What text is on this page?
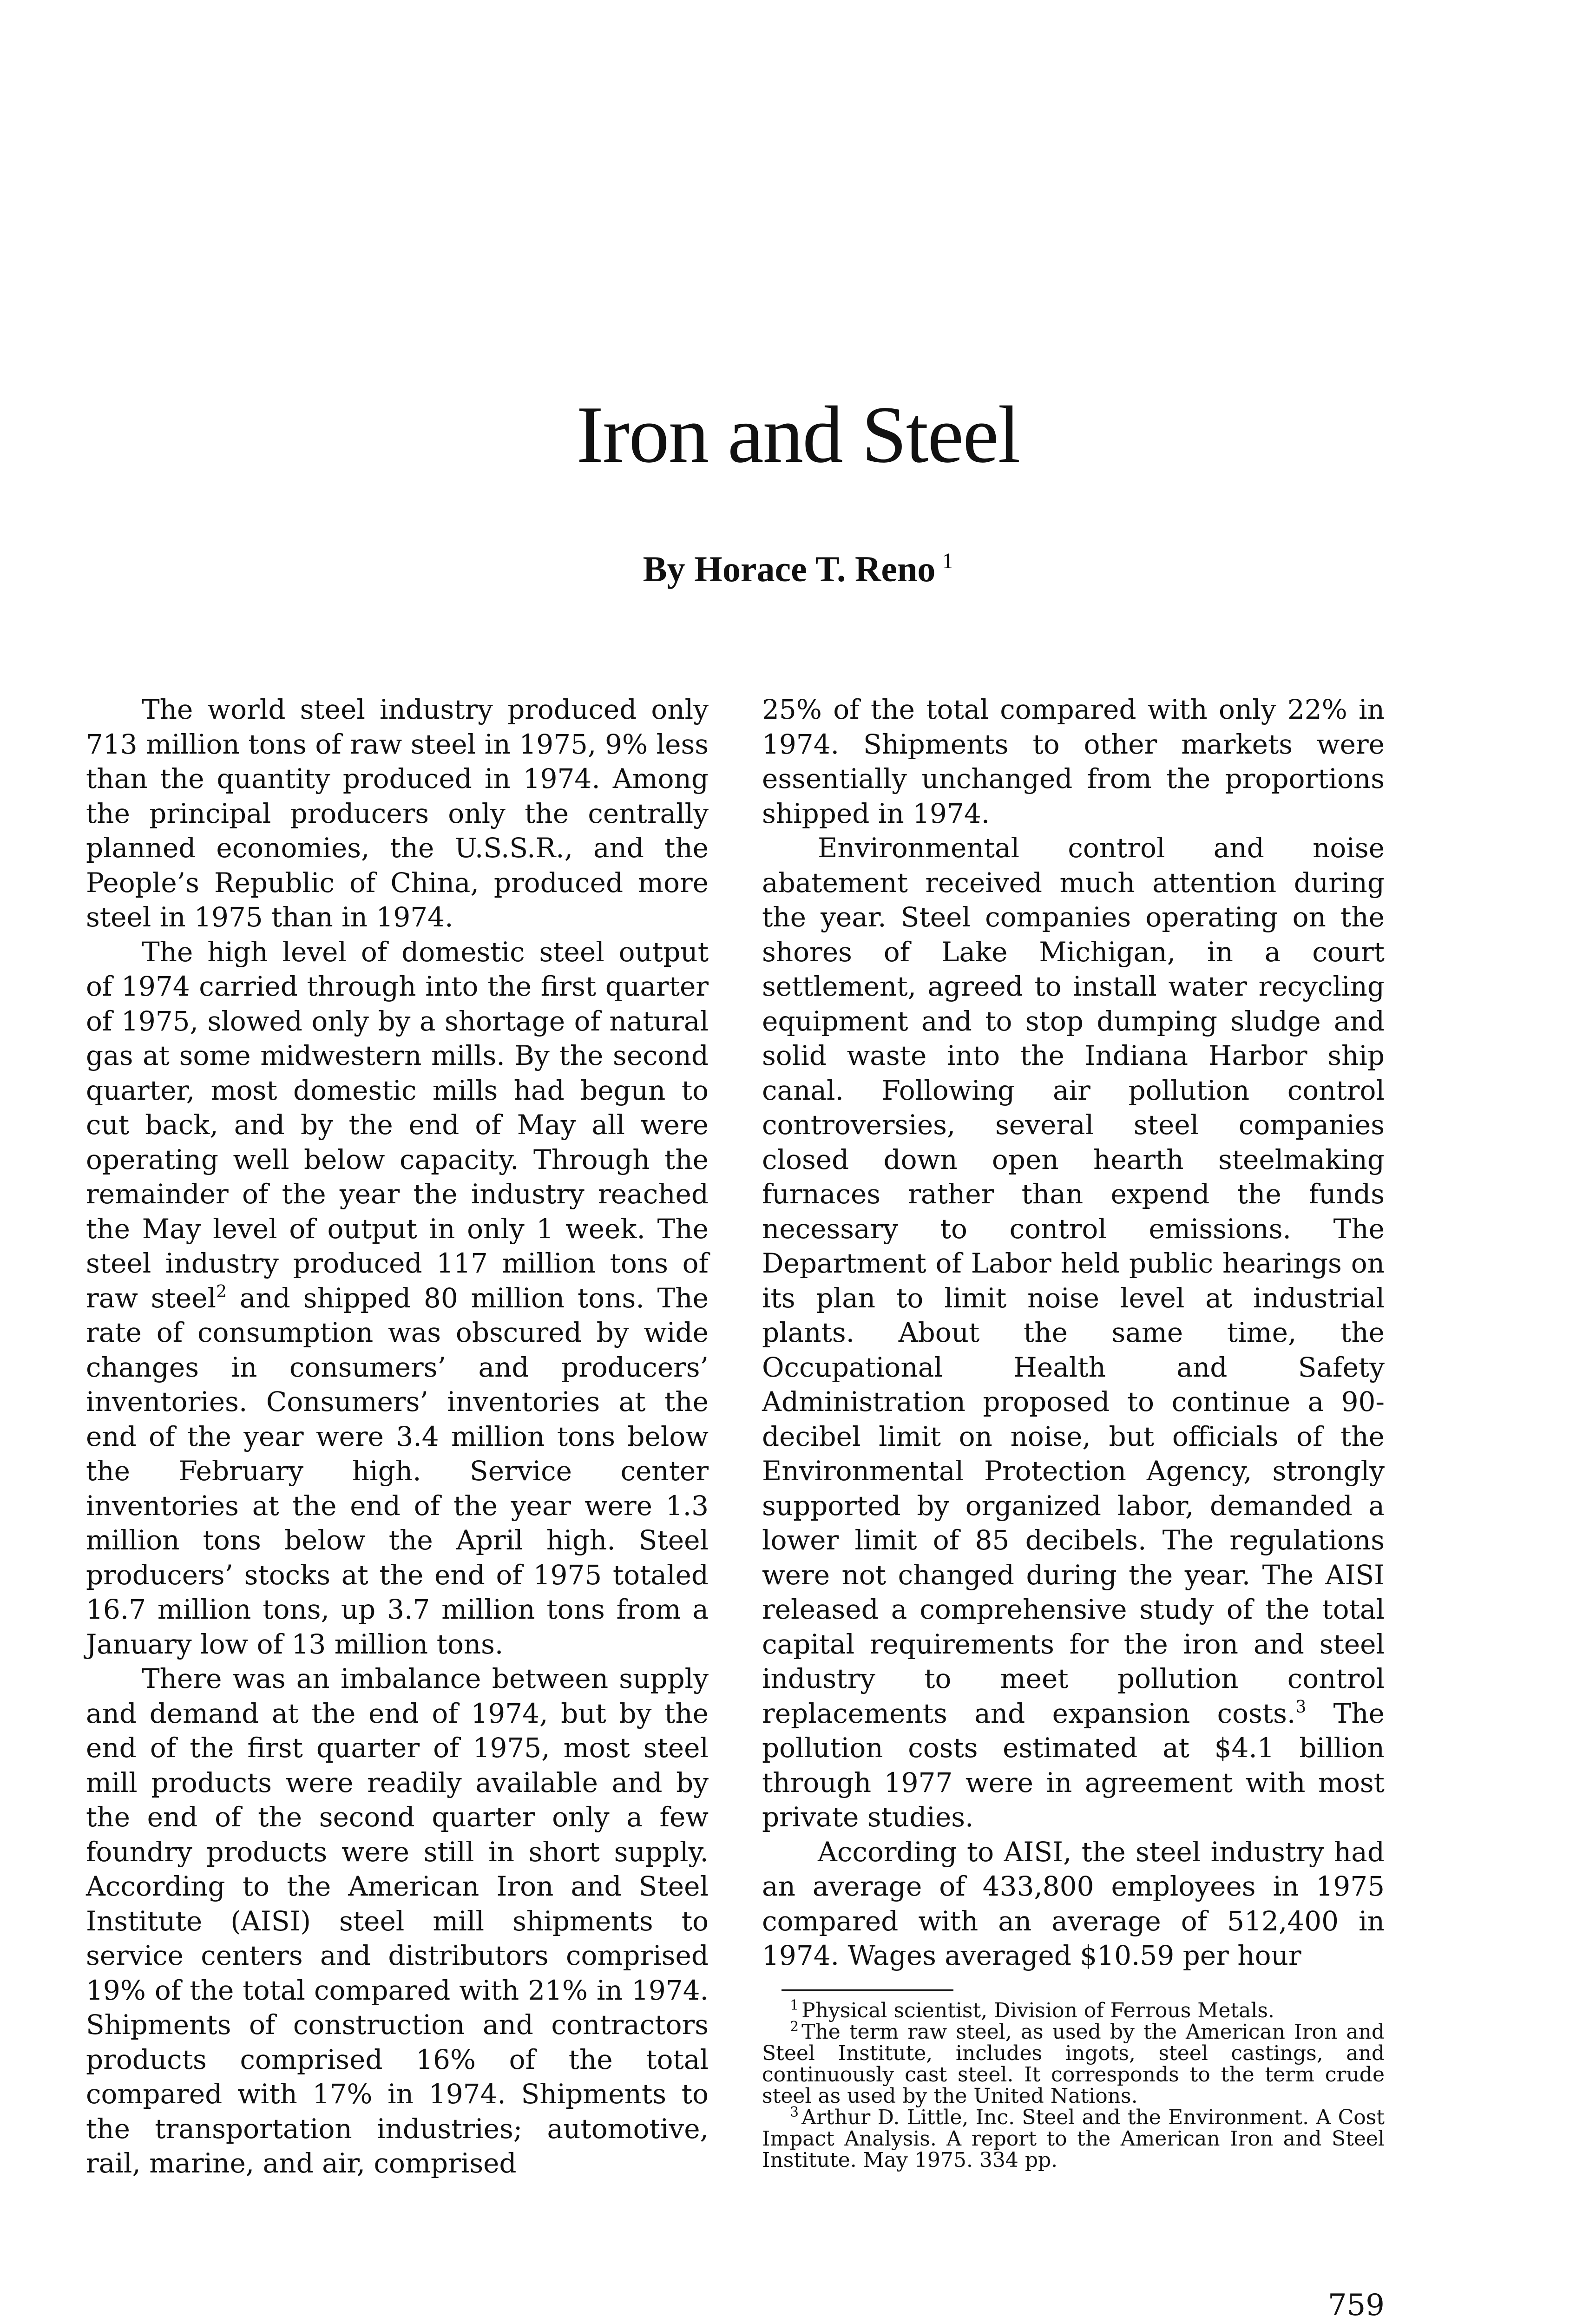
Iron and Steel
By Horace T. Reno $^1$

The world steel industry produced only 713 million tons of raw steel in 1975, 9% less than the quantity produced in 1974. Among the principal producers only the centrally planned economies, the U.S.S.R., and the People’s Republic of China, produced more steel in 1975 than in 1974.

The high level of domestic steel output of 1974 carried through into the first quarter of 1975, slowed only by a shortage of natural gas at some midwestern mills. By the second quarter, most domestic mills had begun to cut back, and by the end of May all were operating well below capacity. Through the remainder of the year the industry reached the May level of output in only 1 week. The steel industry produced 117 million tons of raw steel$^2$ and shipped 80 million tons. The rate of consumption was obscured by wide changes in consumers’ and producers’ inventories. Consumers’ inventories at the end of the year were 3.4 million tons below the February high. Service center inventories at the end of the year were 1.3 million tons below the April high. Steel producers’ stocks at the end of 1975 totaled 16.7 million tons, up 3.7 million tons from a January low of 13 million tons.

There was an imbalance between supply and demand at the end of 1974, but by the end of the first quarter of 1975, most steel mill products were readily available and by the end of the second quarter only a few foundry products were still in short supply. According to the American Iron and Steel Institute (AISI) steel mill shipments to service centers and distributors comprised 19% of the total compared with 21% in 1974. Shipments of construction and contractors products comprised 16% of the total compared with 17% in 1974. Shipments to the transportation industries; automotive, rail, marine, and air, comprised

25% of the total compared with only 22% in 1974. Shipments to other markets were essentially unchanged from the proportions shipped in 1974.

Environmental control and noise abatement received much attention during the year. Steel companies operating on the shores of Lake Michigan, in a court settlement, agreed to install water recycling equipment and to stop dumping sludge and solid waste into the Indiana Harbor ship canal. Following air pollution control controversies, several steel companies closed down open hearth steelmaking furnaces rather than expend the funds necessary to control emissions. The Department of Labor held public hearings on its plan to limit noise level at industrial plants. About the same time, the Occupational Health and Safety Administration proposed to continue a 90-decibel limit on noise, but officials of the Environmental Protection Agency, strongly supported by organized labor, demanded a lower limit of 85 decibels. The regulations were not changed during the year. The AISI released a comprehensive study of the total capital requirements for the iron and steel industry to meet pollution control replacements and expansion costs.$^3$ The pollution costs estimated at $4.1 billion through 1977 were in agreement with most private studies.

According to AISI, the steel industry had an average of 433,800 employees in 1975 compared with an average of 512,400 in 1974. Wages averaged $10.59 per hour

$^1$ Physical scientist, Division of Ferrous Metals.

$^2$ The term raw steel, as used by the American Iron and Steel Institute, includes ingots, steel castings, and continuously cast steel. It corresponds to the term crude steel as used by the United Nations.

$^3$ Arthur D. Little, Inc. Steel and the Environment. A Cost Impact Analysis. A report to the American Iron and Steel Institute. May 1975. 334 pp.

759
